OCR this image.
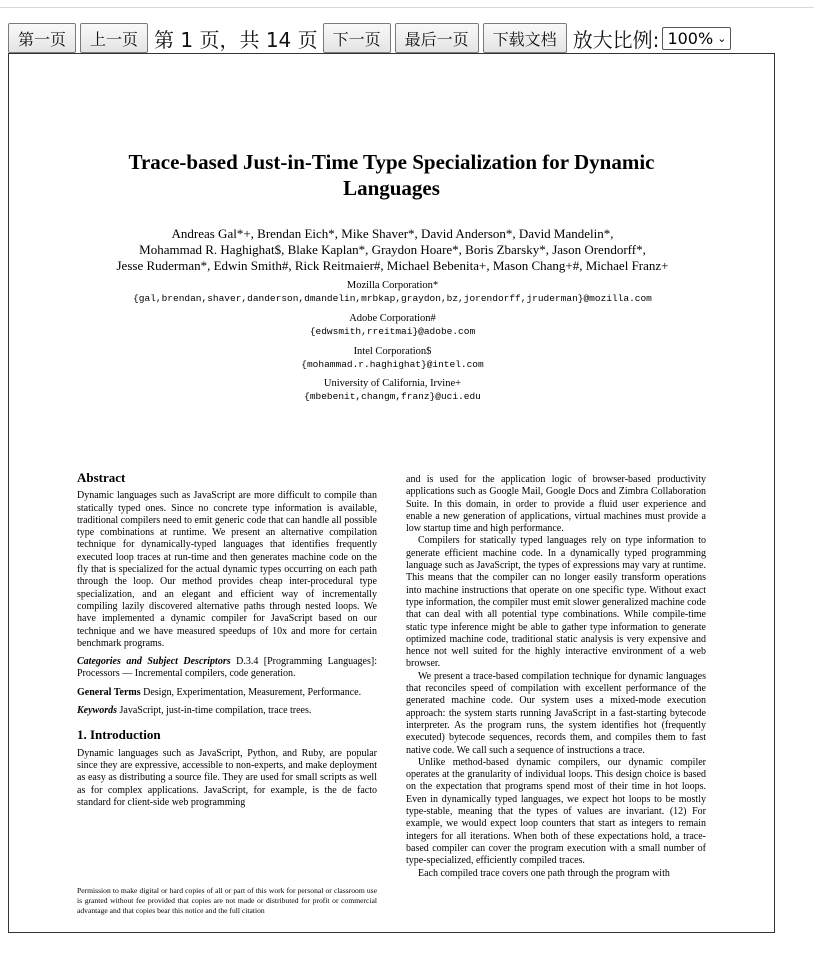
第一页	上一页 第 1 页，共 14 页 下一页	最后一页	下载文档 放大比例: 100% ⌄
Trace-based Just-in-Time Type Specialization for Dynamic Languages
Andreas Gal*+, Brendan Eich*, Mike Shaver*, David Anderson*, David Mandelin*,
Mohammad R. Haghighat$, Blake Kaplan*, Graydon Hoare*, Boris Zbarsky*, Jason Orendorff*,
Jesse Ruderman*, Edwin Smith#, Rick Reitmaier#, Michael Bebenita+, Mason Chang+#, Michael Franz+
Mozilla Corporation*
{gal,brendan,shaver,danderson,dmandelin,mrbkap,graydon,bz,jorendorff,jruderman}@mozilla.com
Adobe Corporation#
{edwsmith,rreitmai}@adobe.com
Intel Corporation$
{mohammad.r.haghighat}@intel.com
University of California, Irvine+
{mbebenit,changm,franz}@uci.edu
Abstract

Dynamic languages such as JavaScript are more difficult to compile than statically typed ones. Since no concrete type information is available, traditional compilers need to emit generic code that can handle all possible type combinations at runtime. We present an alternative compilation technique for dynamically-typed languages that identifies frequently executed loop traces at run-time and then generates machine code on the fly that is specialized for the actual dynamic types occurring on each path through the loop. Our method provides cheap inter-procedural type specialization, and an elegant and efficient way of incrementally compiling lazily discovered alternative paths through nested loops. We have implemented a dynamic compiler for JavaScript based on our technique and we have measured speedups of 10x and more for certain benchmark programs.

Categories and Subject Descriptors D.3.4 [Programming Languages]: Processors — Incremental compilers, code generation.

General Terms Design, Experimentation, Measurement, Performance.

Keywords JavaScript, just-in-time compilation, trace trees.

1. Introduction

Dynamic languages such as JavaScript, Python, and Ruby, are popular since they are expressive, accessible to non-experts, and make deployment as easy as distributing a source file. They are used for small scripts as well as for complex applications. JavaScript, for example, is the de facto standard for client-side web programming

Permission to make digital or hard copies of all or part of this work for personal or classroom use is granted without fee provided that copies are not made or distributed for profit or commercial advantage and that copies bear this notice and the full citation

and is used for the application logic of browser-based productivity applications such as Google Mail, Google Docs and Zimbra Collaboration Suite. In this domain, in order to provide a fluid user experience and enable a new generation of applications, virtual machines must provide a low startup time and high performance.

Compilers for statically typed languages rely on type information to generate efficient machine code. In a dynamically typed programming language such as JavaScript, the types of expressions may vary at runtime. This means that the compiler can no longer easily transform operations into machine instructions that operate on one specific type. Without exact type information, the compiler must emit slower generalized machine code that can deal with all potential type combinations. While compile-time static type inference might be able to gather type information to generate optimized machine code, traditional static analysis is very expensive and hence not well suited for the highly interactive environment of a web browser.

We present a trace-based compilation technique for dynamic languages that reconciles speed of compilation with excellent performance of the generated machine code. Our system uses a mixed-mode execution approach: the system starts running JavaScript in a fast-starting bytecode interpreter. As the program runs, the system identifies hot (frequently executed) bytecode sequences, records them, and compiles them to fast native code. We call such a sequence of instructions a trace.

Unlike method-based dynamic compilers, our dynamic compiler operates at the granularity of individual loops. This design choice is based on the expectation that programs spend most of their time in hot loops. Even in dynamically typed languages, we expect hot loops to be mostly type-stable, meaning that the types of values are invariant. (12) For example, we would expect loop counters that start as integers to remain integers for all iterations. When both of these expectations hold, a trace-based compiler can cover the program execution with a small number of type-specialized, efficiently compiled traces.

Each compiled trace covers one path through the program with
